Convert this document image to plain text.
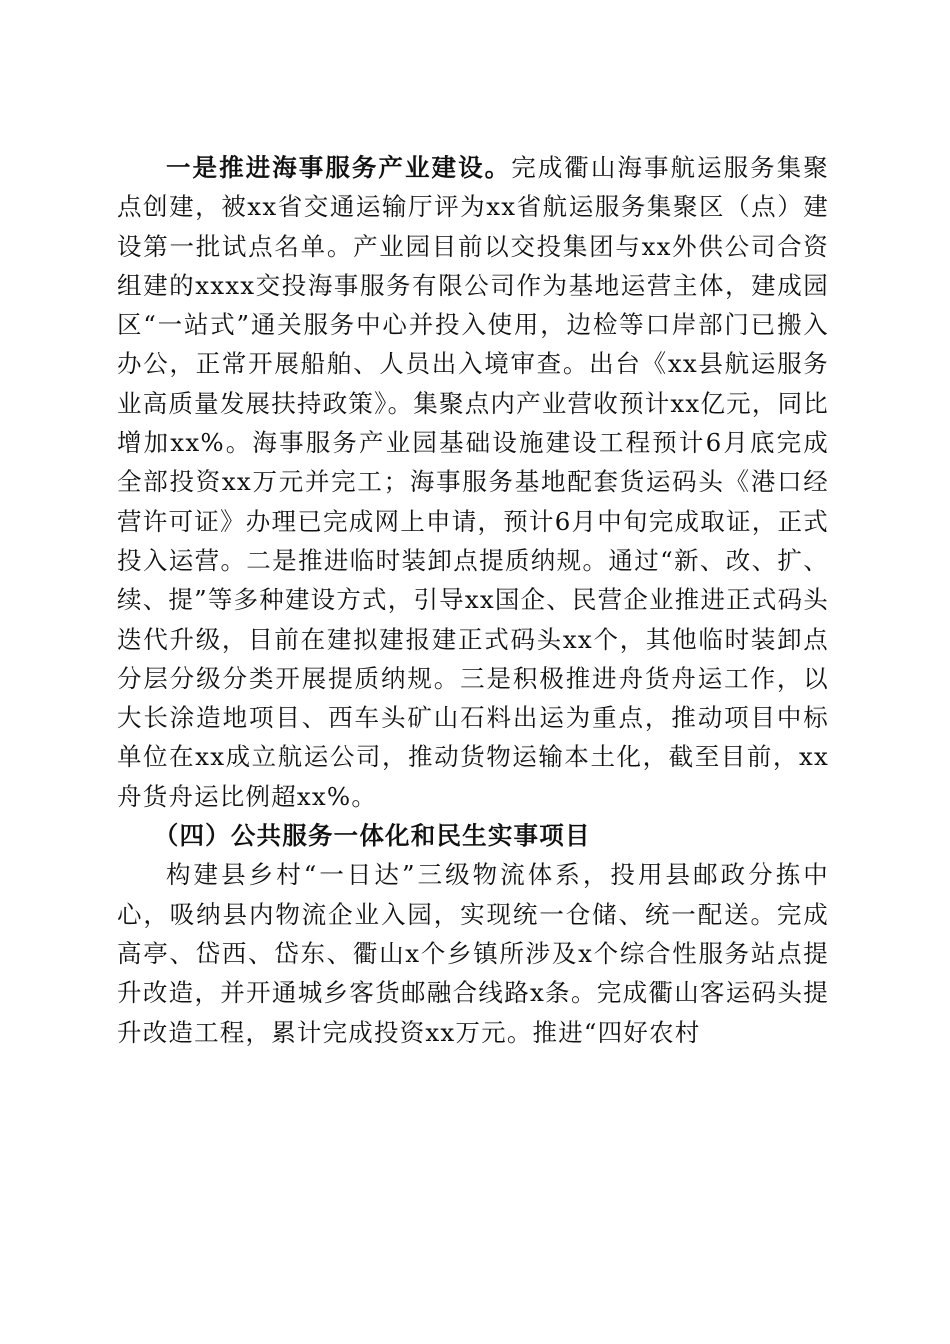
一是推进海事服务产业建设。完成衢山海事航运服务集聚点创建，被xx省交通运输厅评为xx省航运服务集聚区（点）建设第一批试点名单。产业园目前以交投集团与xx外供公司合资组建的xxxx交投海事服务有限公司作为基地运营主体，建成园区“一站式”通关服务中心并投入使用，边检等口岸部门已搬入办公，正常开展船舶、人员出入境审查。出台《xx县航运服务业高质量发展扶持政策》。集聚点内产业营收预计xx亿元，同比增加xx%。海事服务产业园基础设施建设工程预计6月底完成全部投资xx万元并完工；海事服务基地配套货运码头《港口经营许可证》办理已完成网上申请，预计6月中旬完成取证，正式投入运营。二是推进临时装卸点提质纳规。通过“新、改、扩、续、提”等多种建设方式，引导xx国企、民营企业推进正式码头迭代升级，目前在建拟建报建正式码头xx个，其他临时装卸点分层分级分类开展提质纳规。三是积极推进舟货舟运工作，以大长涂造地项目、西车头矿山石料出运为重点，推动项目中标单位在xx成立航运公司，推动货物运输本土化，截至目前，xx舟货舟运比例超xx%。

（四）公共服务一体化和民生实事项目

构建县乡村“一日达”三级物流体系，投用县邮政分拣中心，吸纳县内物流企业入园，实现统一仓储、统一配送。完成高亭、岱西、岱东、衢山x个乡镇所涉及x个综合性服务站点提升改造，并开通城乡客货邮融合线路x条。完成衢山客运码头提升改造工程，累计完成投资xx万元。推进“四好农村
